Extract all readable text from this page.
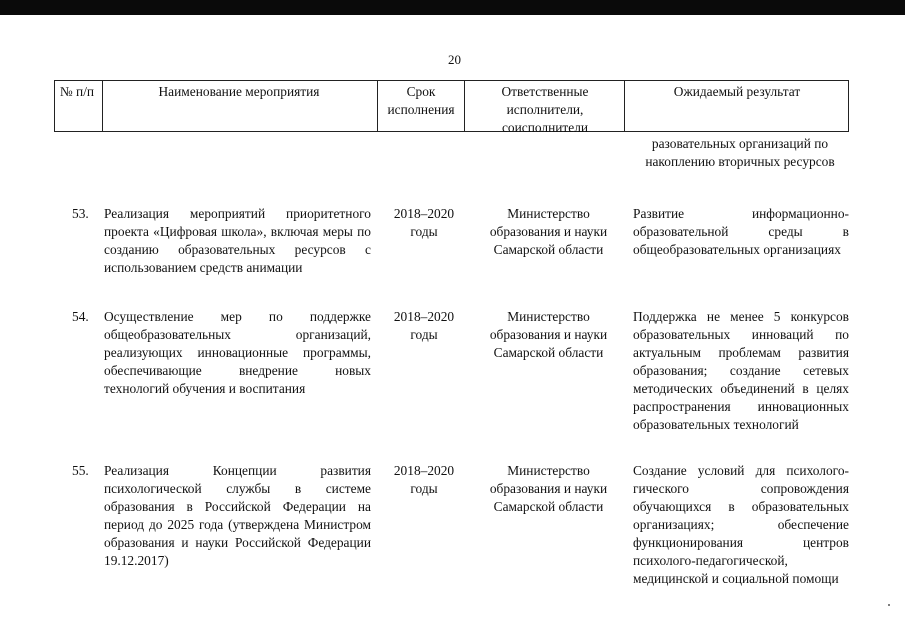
20
№ п/п	Наименование мероприятия	Срок исполнения
Ответственные исполнители, соисполнители
Ожидаемый результат
разовательных организаций по накоплению вторичных ресурсов
53. Реализация мероприятий приоритетного проекта «Цифровая школа», включая меры по созданию образовательных ресурсов с использованием средств анимации
2018–2020 годы
Министерство образования и науки Самарской области
Развитие информационно-образовательной среды в общеобразовательных организациях
54. Осуществление мер по поддержке общеобразовательных организаций, реализующих инновационные программы, обеспечивающие внедрение новых технологий обучения и воспитания
2018–2020 годы
Министерство образования и науки Самарской области
Поддержка не менее 5 конкурсов образовательных инноваций по актуальным проблемам развития образования; создание сетевых методических объединений в целях распространения инновационных образовательных технологий
55. Реализация Концепции развития психологической службы в системе образования в Российской Федерации на период до 2025 года (утверждена Министром образования и науки Российской Федерации 19.12.2017)
2018–2020 годы
Министерство образования и науки Самарской области
Создание условий для психолого-гического сопровождения обучающихся в образовательных организациях; обеспечение функционирования центров психолого-педагогической, медицинской и социальной помощи
